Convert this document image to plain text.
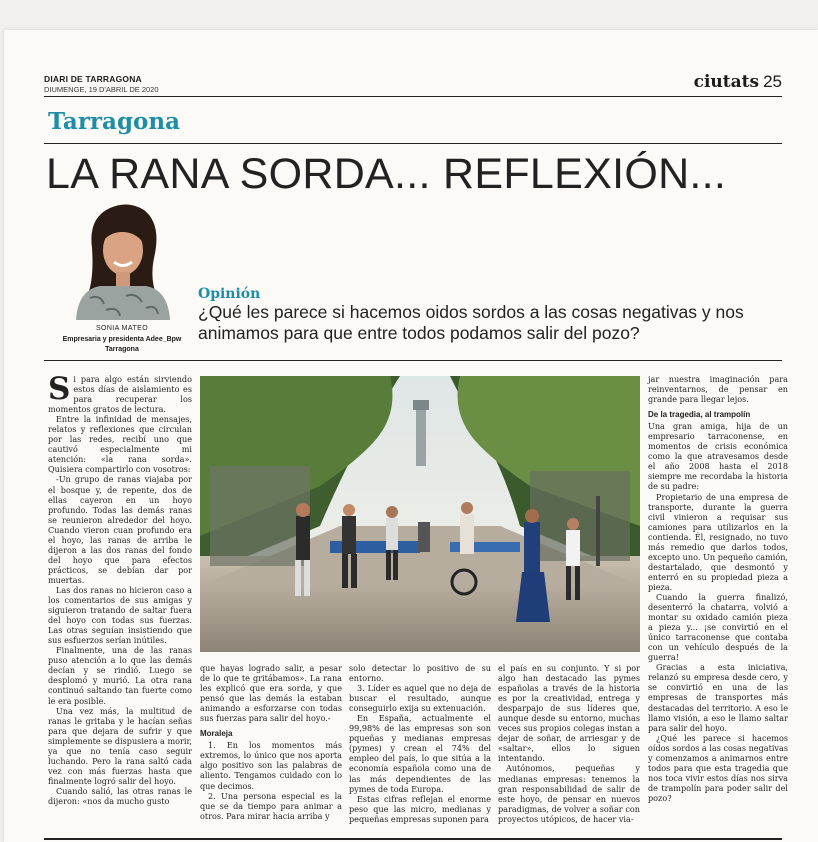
DIARI DE TARRAGONA
DIUMENGE, 19 D'ABRIL DE 2020	ciutats 25
Tarragona
LA RANA SORDA... REFLEXIÓN...
SONIA MATEO
Empresaria y presidenta Adee_Bpw
Tarragona
Opinión
¿Qué les parece si hacemos oidos sordos a las cosas negativas y nos animamos para que entre todos podamos salir del pozo?

Si para algo están sirviendo estos días de aislamiento es para recuperar los momentos gratos de lectura.

Entre la infinidad de mensajes, relatos y reflexiones que circulan por las redes, recibí uno que cautivó especialmente mi atención: «la rana sorda». Quisiera compartirlo con vosotros:

-Un grupo de ranas viajaba por el bosque y, de repente, dos de ellas cayeron en un hoyo profundo. Todas las demás ranas se reunieron alrededor del hoyo. Cuando vieron cuan profundo era el hoyo, las ranas de arriba le dijeron a las dos ranas del fondo del hoyo que para efectos prácticos, se debían dar por muertas.

Las dos ranas no hicieron caso a los comentarios de sus amigas y siguieron tratando de saltar fuera del hoyo con todas sus fuerzas. Las otras seguían insistiendo que sus esfuerzos serían inútiles.

Finalmente, una de las ranas puso atención a lo que las demás decían y se rindió. Luego se desplomó y murió. La otra rana continuó saltando tan fuerte como le era posible.

Una vez más, la multitud de ranas le gritaba y le hacían señas para que dejara de sufrir y que simplemente se dispusiera a morir, ya que no tenía caso seguir luchando. Pero la rana saltó cada vez con más fuerzas hasta que finalmente logró salir del hoyo.

Cuando salió, las otras ranas le dijeron: «nos da mucho gusto

que hayas logrado salir, a pesar de lo que te gritábamos». La rana les explicó que era sorda, y que pensó que las demás la estaban animando a esforzarse con todas sus fuerzas para salir del hoyo.-

Moraleja

1. En los momentos más extremos, lo único que nos aporta algo positivo son las palabras de aliento. Tengamos cuidado con lo que decimos.

2. Una persona especial es la que se da tiempo para animar a otros. Para mirar hacia arriba y

solo detectar lo positivo de su entorno.

3. Líder es aquel que no deja de buscar el resultado, aunque conseguirlo exija su extenuación.

En España, actualmente el 99,98% de las empresas son son pqueñas y medianas empresas (pymes) y crean el 74% del empleo del país, lo que sitúa a la economía española como una de las más dependientes de las pymes de toda Europa.

Estas cifras reflejan el enorme peso que las micro, medianas y pequeñas empresas suponen para

el país en su conjunto. Y si por algo han destacado las pymes españolas a través de la historia es por la creatividad, entrega y desparpajo de sus líderes que, aunque desde su entorno, muchas veces sus propios colegas instan a dejar de soñar, de arriesgar y de «saltar», ellos lo siguen intentando.

Autónomos, pequeñas y medianas empresas: tenemos la gran responsabilidad de salir de este hoyo, de pensar en nuevos paradigmas, de volver a soñar con proyectos utópicos, de hacer via-

jar nuestra imaginación para reinventarnos, de pensar en grande para llegar lejos.

De la tragedia, al trampolín

Una gran amiga, hija de un empresario tarraconense, en momentos de crisis económica como la que atravesamos desde el año 2008 hasta el 2018 siempre me recordaba la historia de su padre:

Propietario de una empresa de transporte, durante la guerra civil vinieron a requisar sus camiones para utilizarlos en la contienda. Él, resignado, no tuvo más remedio que darlos todos, excepto uno. Un pequeño camión, destartalado, que desmontó y enterró en su propiedad pieza a pieza.

Cuando la guerra finalizó, desenterró la chatarra, volvió a montar su oxidado camión pieza a pieza y... ¡se convirtió en el único tarraconense que contaba con un vehículo después de la guerra!

Gracias a esta iniciativa, relanzó su empresa desde cero, y se convirtió en una de las empresas de transportes más destacadas del territorio. A eso le llamo visión, a eso le llamo saltar para salir del hoyo.

¿Qué les parece si hacemos oídos sordos a las cosas negativas y comenzamos a animarnos entre todos para que esta tragedia que nos toca vivir estos días nos sirva de trampolín para poder salir del pozo?
